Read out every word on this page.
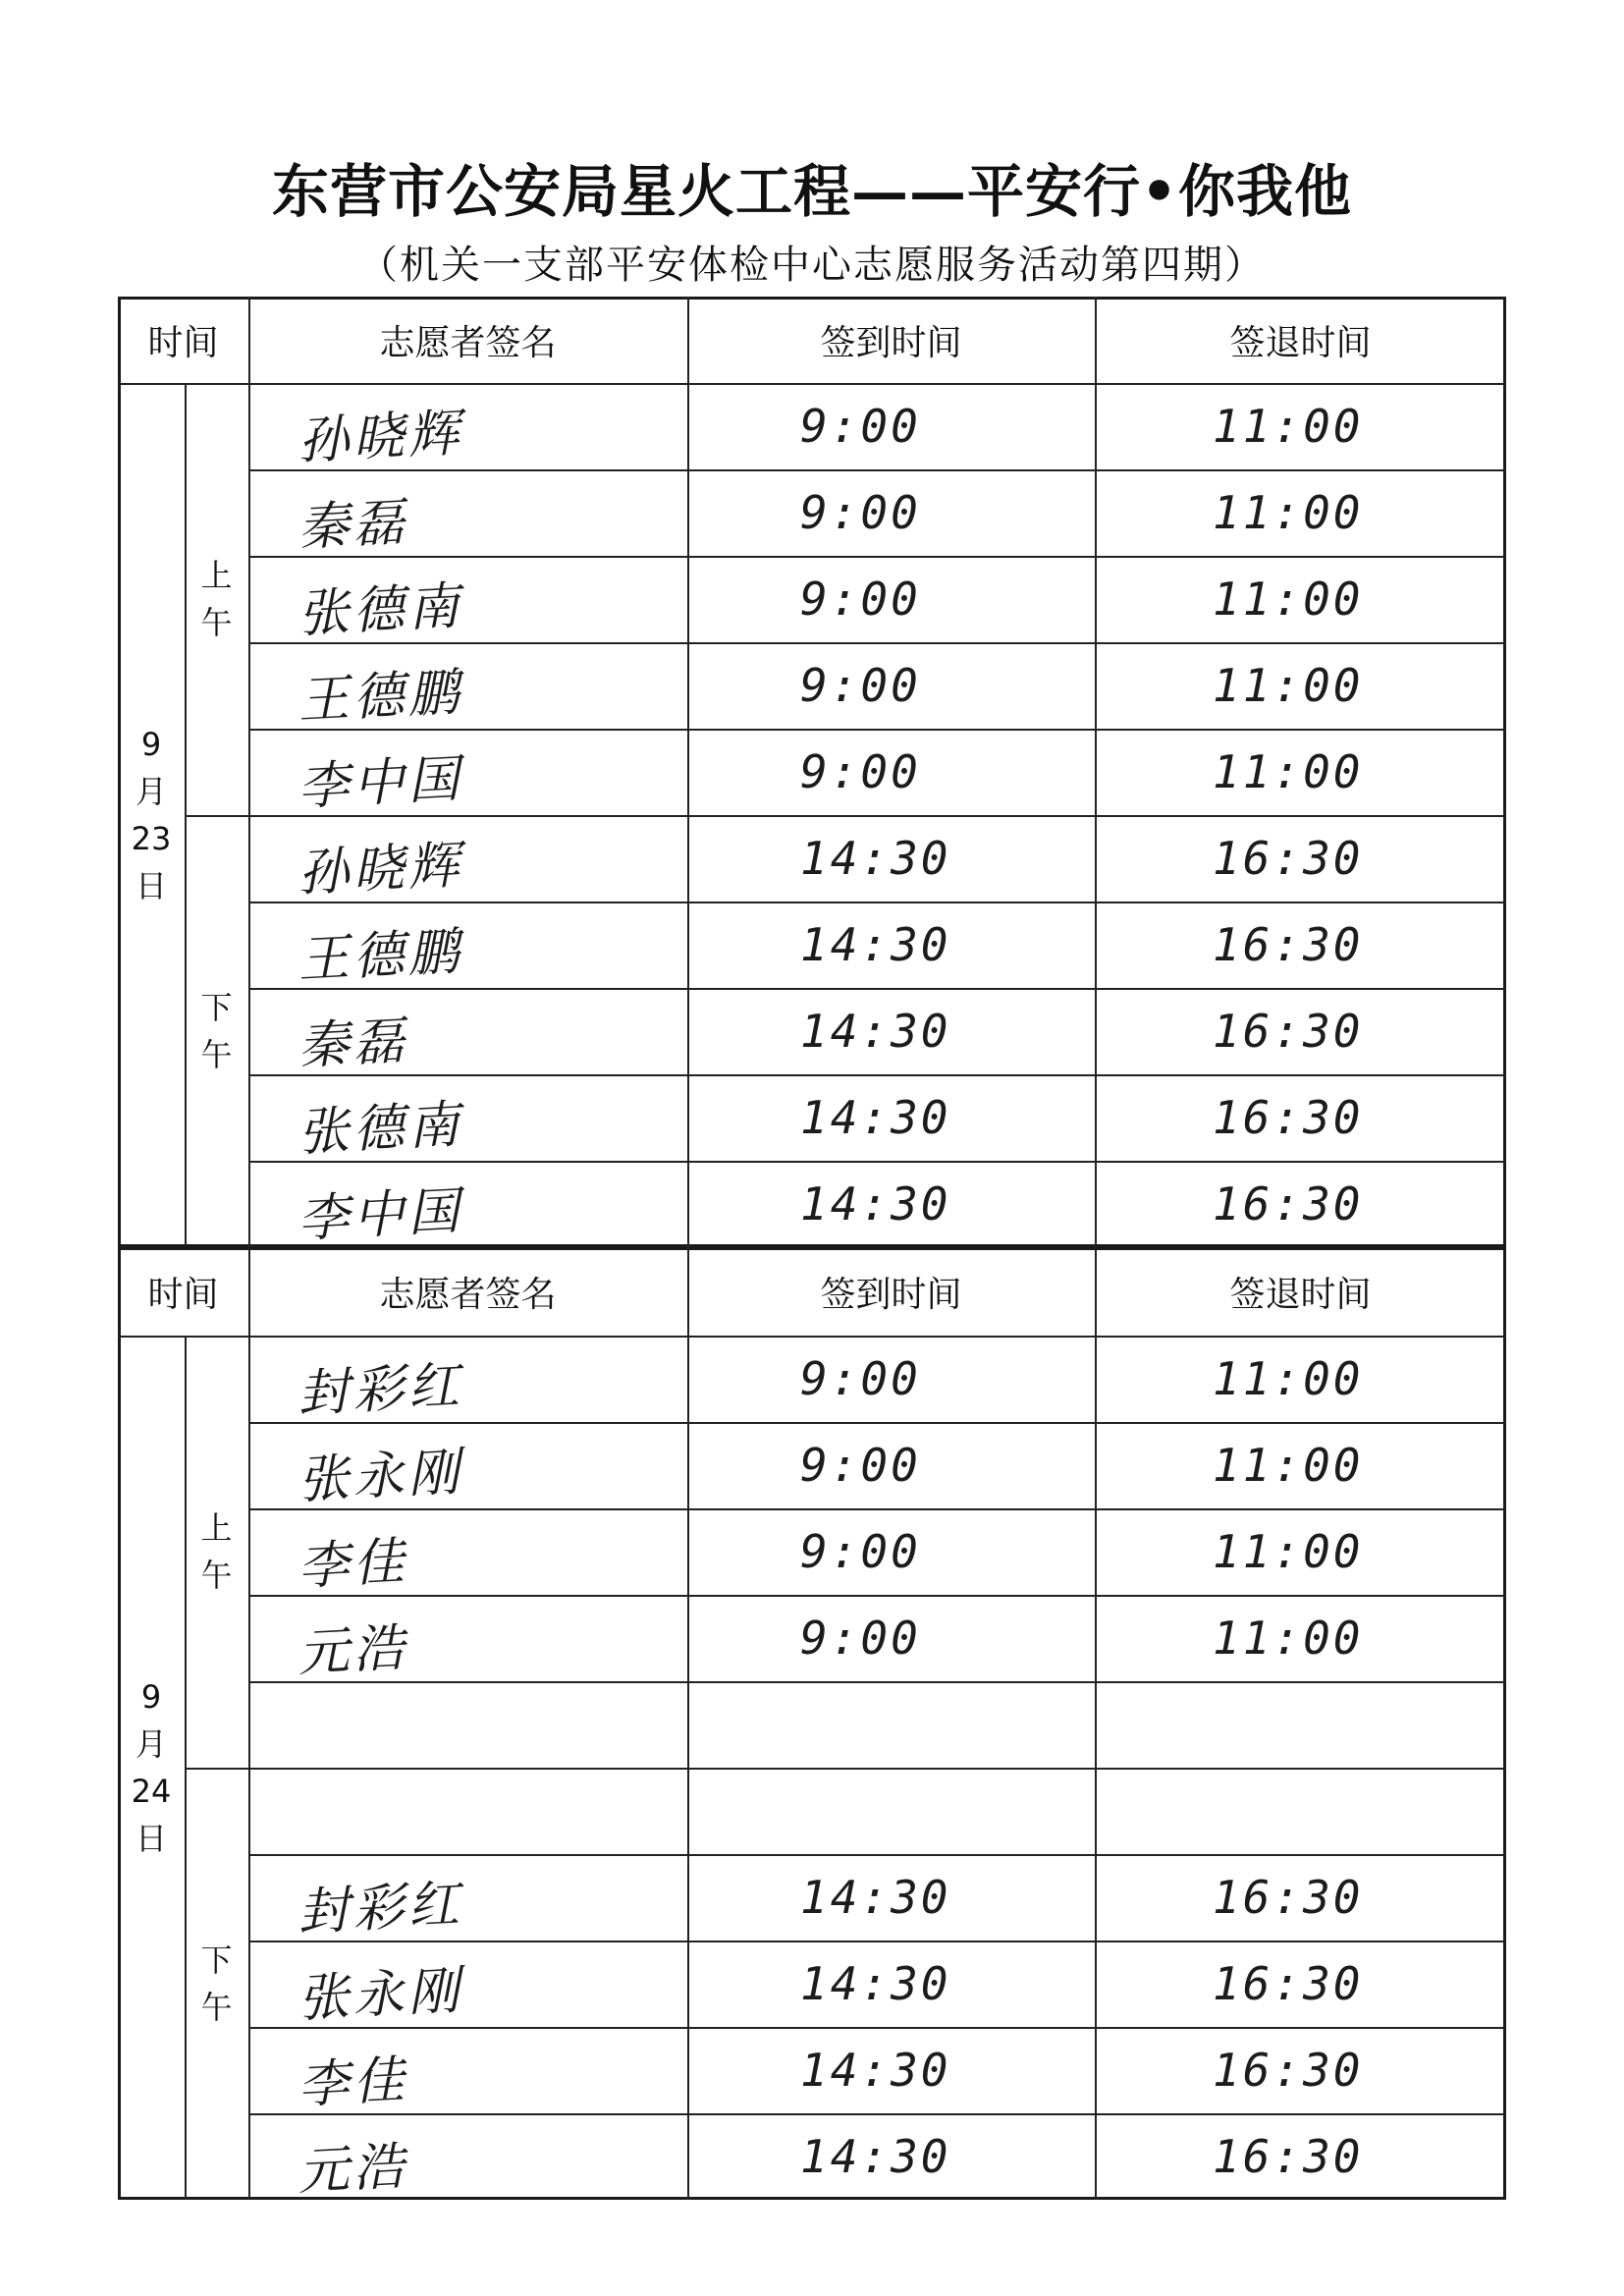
东营市公安局星火工程——平安行•你我他
（机关一支部平安体检中心志愿服务活动第四期）
时间	志愿者签名	签到时间	签退时间
9
月
23
日
上
午
下
午
孙晓辉	9:00	11:00
秦磊	9:00	11:00
张德南	9:00	11:00
王德鹏	9:00	11:00
李中国	9:00	11:00
孙晓辉	14:30	16:30
王德鹏	14:30	16:30
秦磊	14:30	16:30
张德南	14:30	16:30
李中国	14:30	16:30
时间	志愿者签名	签到时间	签退时间
9
月
24
日
上
午
下
午
封彩红	9:00	11:00
张永刚	9:00	11:00
李佳	9:00	11:00
元浩	9:00	11:00
封彩红	14:30	16:30
张永刚	14:30	16:30
李佳	14:30	16:30
元浩	14:30	16:30
